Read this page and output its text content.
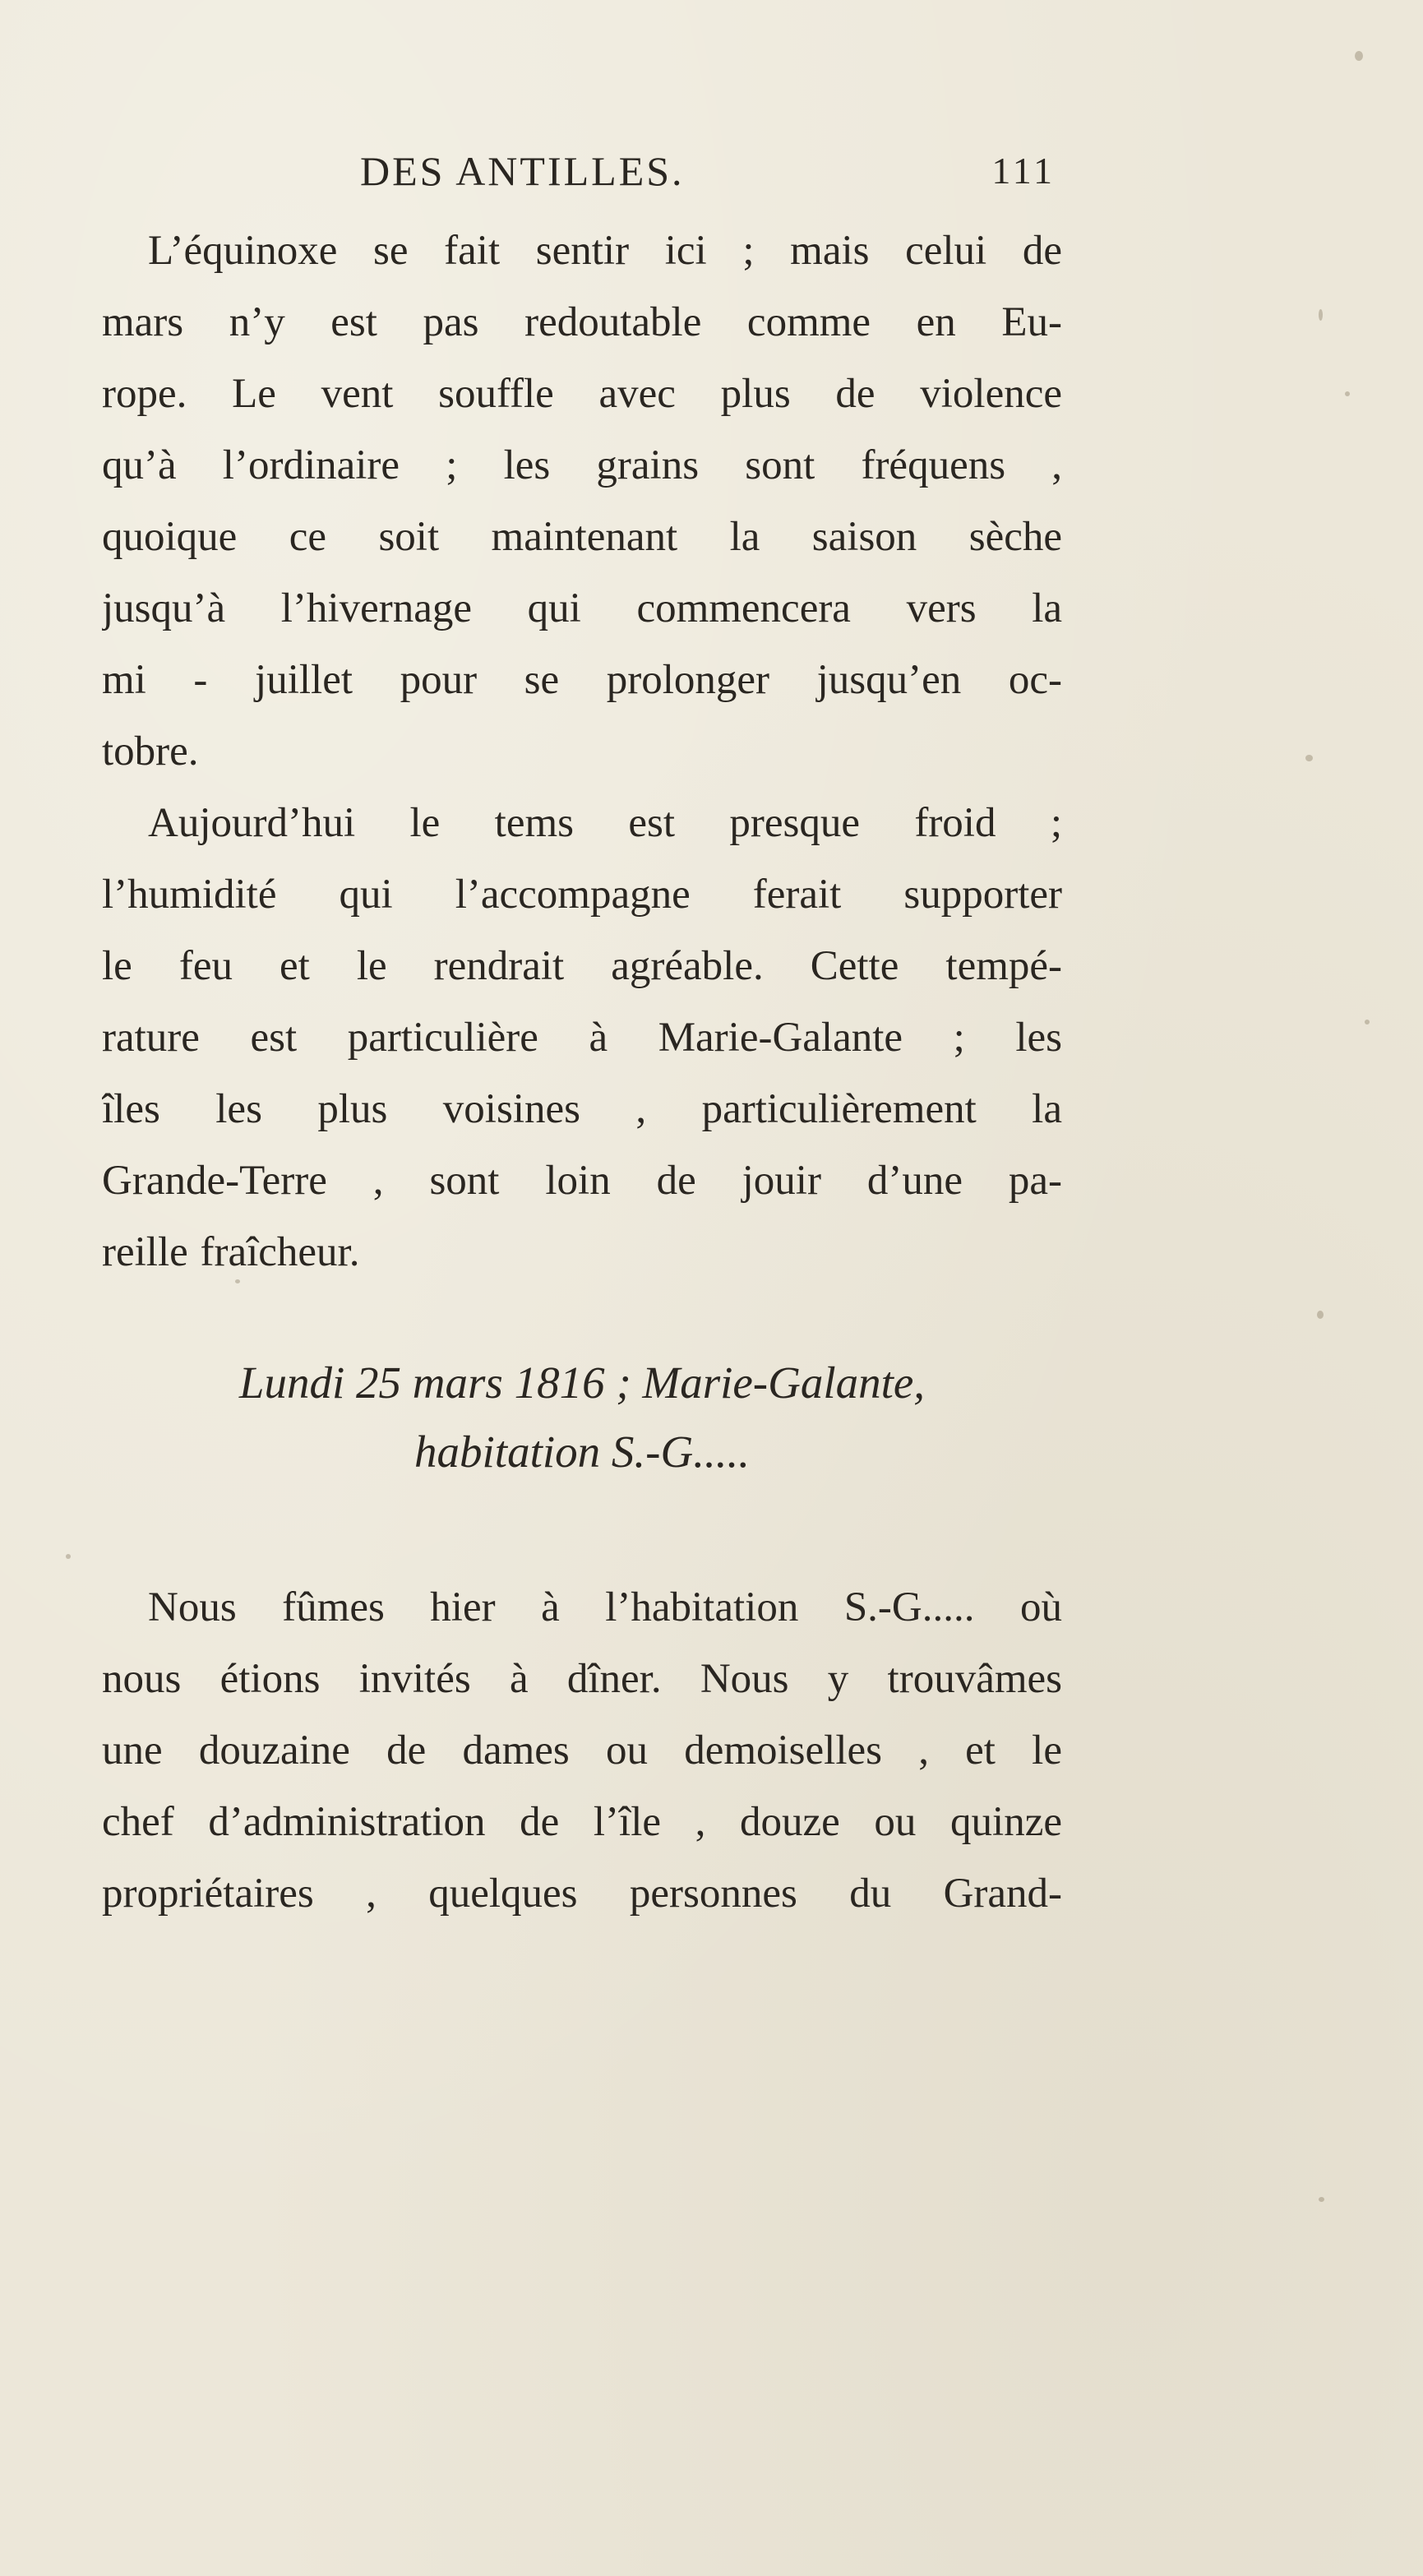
DES ANTILLES.	111
L’équinoxe se fait sentir ici ; mais celui de
mars n’y est pas redoutable comme en Eu-
rope. Le vent souffle avec plus de violence
qu’à l’ordinaire ; les grains sont fréquens ,
quoique ce soit maintenant la saison sèche
jusqu’à l’hivernage qui commencera vers la
mi - juillet pour se prolonger jusqu’en oc-
tobre.
Aujourd’hui le tems est presque froid ;
l’humidité qui l’accompagne ferait supporter
le feu et le rendrait agréable. Cette tempé-
rature est particulière à Marie-Galante ; les
îles les plus voisines , particulièrement la
Grande-Terre , sont loin de jouir d’une pa-
reille fraîcheur.
Lundi 25 mars 1816 ; Marie-Galante,
habitation S.-G.....
Nous fûmes hier à l’habitation S.-G..... où
nous étions invités à dîner. Nous y trouvâmes
une douzaine de dames ou demoiselles , et le
chef d’administration de l’île , douze ou quinze
propriétaires , quelques personnes du Grand-
